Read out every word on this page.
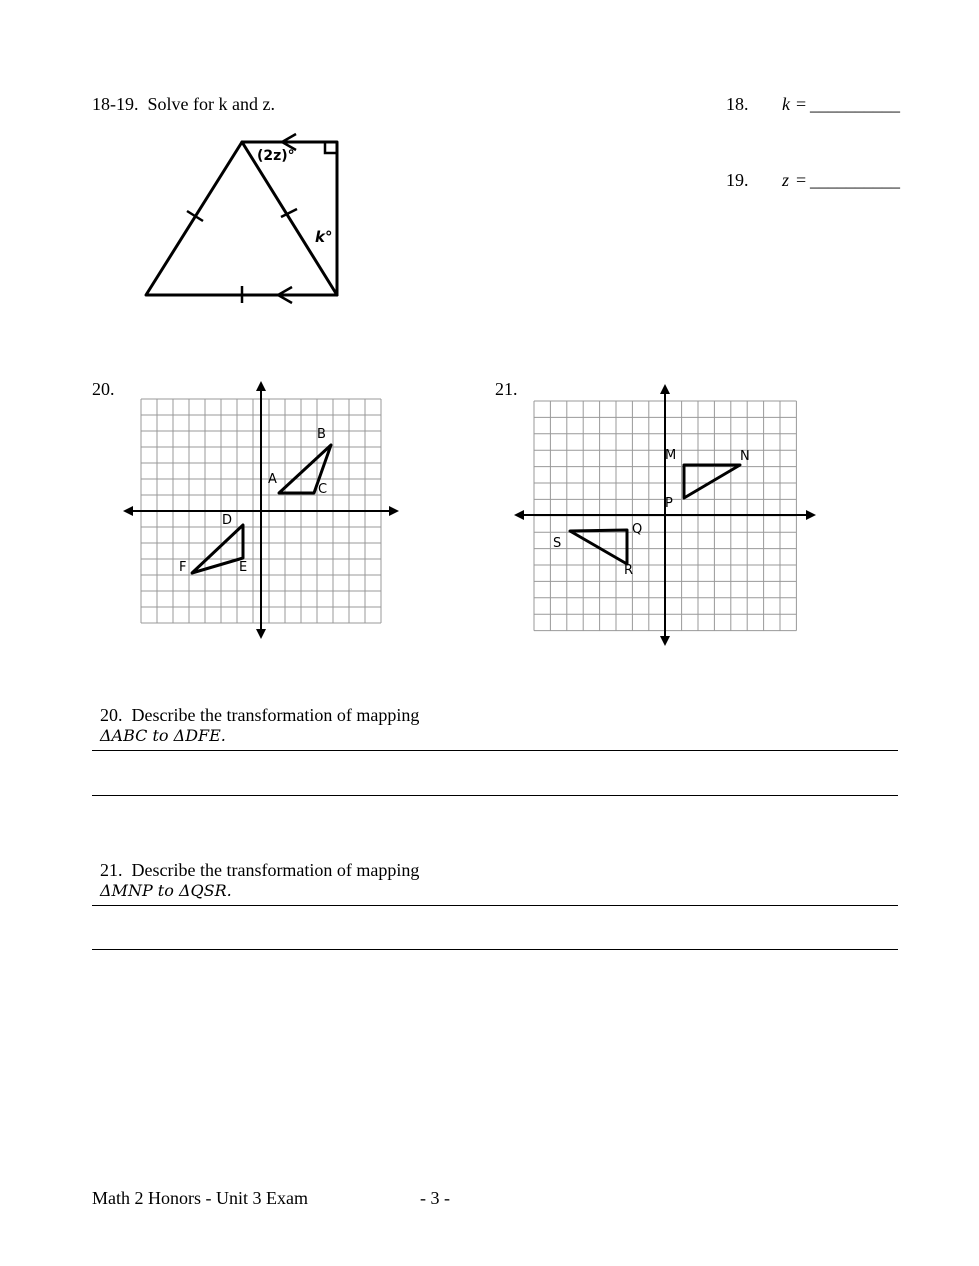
18-19.  Solve for k and z.	18. k = __________
19. z = __________
(2z)°
k°
20.
A
B
C
D
E
F
21.
M	N
P
Q
R
S

20.  Describe the transformation of mapping
ΔABC to ΔDFE.

21.  Describe the transformation of mapping
ΔMNP to ΔQSR.

Math 2 Honors - Unit 3 Exam	- 3 -
